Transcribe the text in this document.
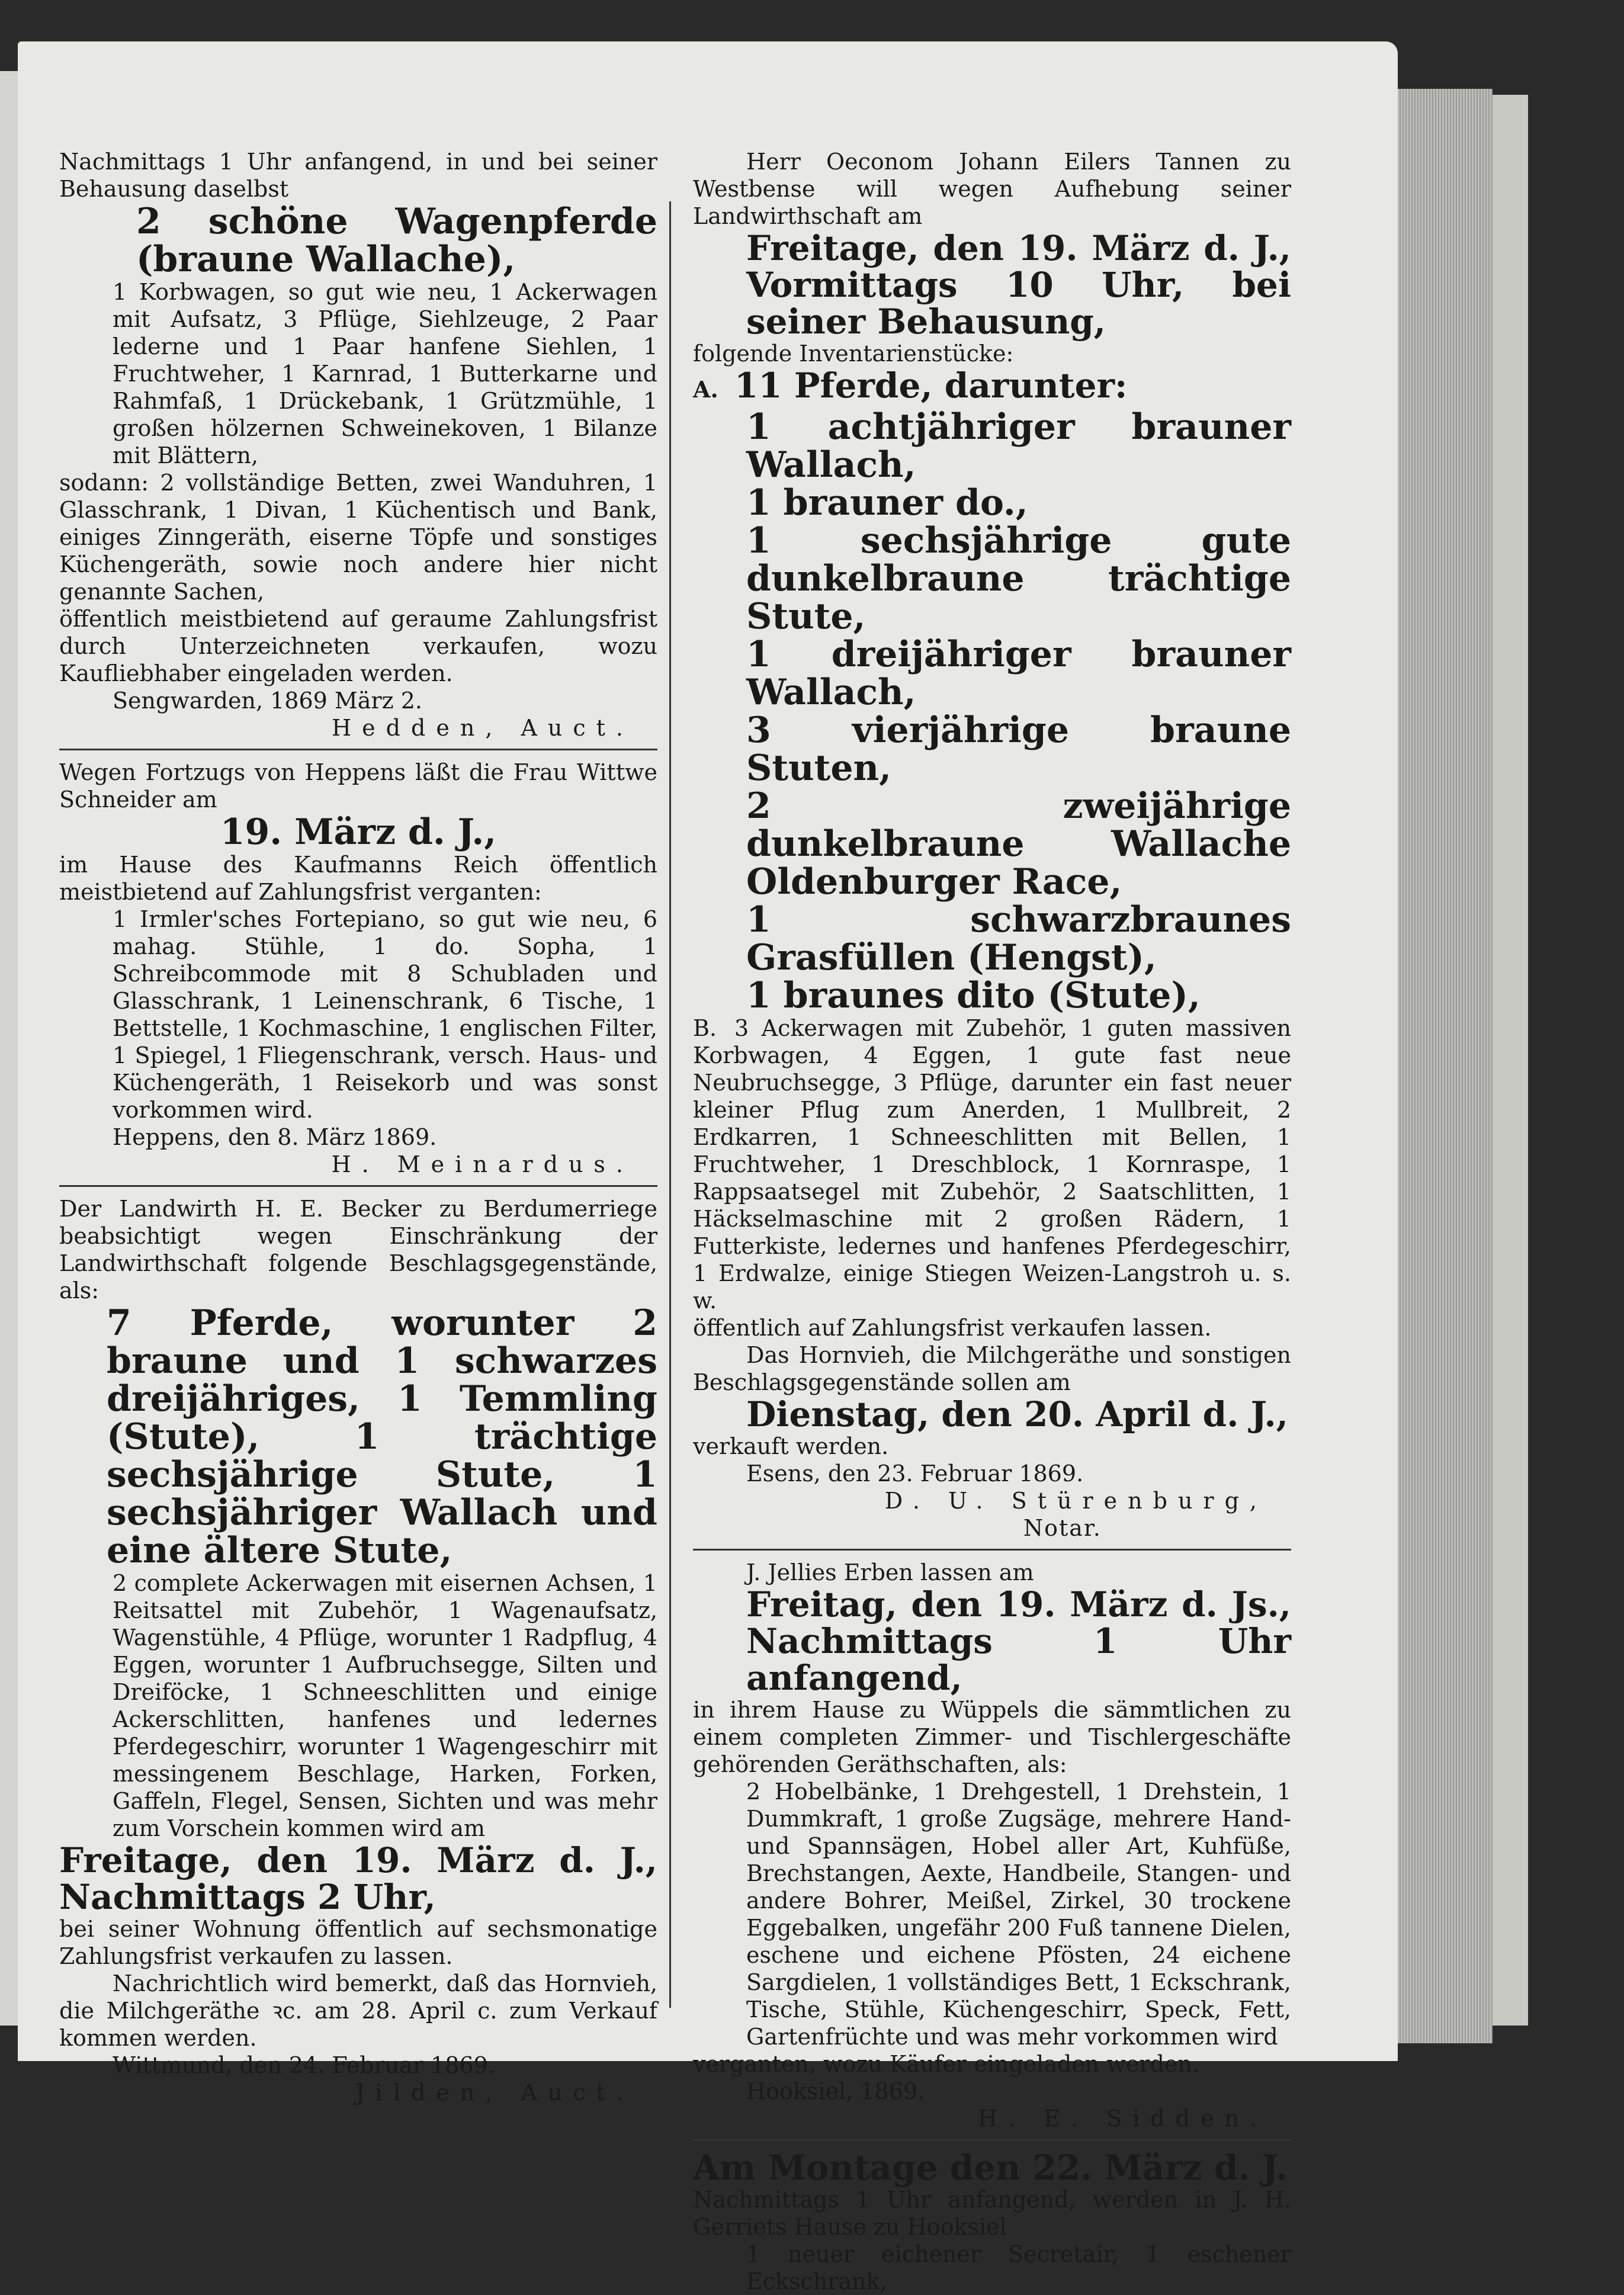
Nachmittags 1 Uhr anfangend, in und bei seiner Behausung daselbst

2 schöne Wagenpferde (braune Wallache),

1 Korbwagen, so gut wie neu, 1 Ackerwagen mit Aufsatz, 3 Pflüge, Siehlzeuge, 2 Paar lederne und 1 Paar hanfene Siehlen, 1 Fruchtweher, 1 Karnrad, 1 Butterkarne und Rahmfaß, 1 Drückebank, 1 Grützmühle, 1 großen hölzernen Schweinekoven, 1 Bilanze mit Blättern,

sodann: 2 vollständige Betten, zwei Wanduhren, 1 Glasschrank, 1 Divan, 1 Küchentisch und Bank, einiges Zinngeräth, eiserne Töpfe und sonstiges Küchengeräth, sowie noch andere hier nicht genannte Sachen,

öffentlich meistbietend auf geraume Zahlungsfrist durch Unterzeichneten verkaufen, wozu Kaufliebhaber eingeladen werden.

Sengwarden, 1869 März 2.

Hedden, Auct.

Wegen Fortzugs von Heppens läßt die Frau Wittwe Schneider am

19. März d. J.,

im Hause des Kaufmanns Reich öffentlich meistbietend auf Zahlungsfrist verganten:

1 Irmler'sches Fortepiano, so gut wie neu, 6 mahag. Stühle, 1 do. Sopha, 1 Schreibcommode mit 8 Schubladen und Glasschrank, 1 Leinenschrank, 6 Tische, 1 Bettstelle, 1 Kochmaschine, 1 englischen Filter, 1 Spiegel, 1 Fliegenschrank, versch. Haus- und Küchengeräth, 1 Reisekorb und was sonst vorkommen wird.

Heppens, den 8. März 1869.

H. Meinardus.

Der Landwirth H. E. Becker zu Berdumerriege beabsichtigt wegen Einschränkung der Landwirthschaft folgende Beschlagsgegenstände, als:

7 Pferde, worunter 2 braune und 1 schwarzes dreijähriges, 1 Temmling (Stute), 1 trächtige sechsjährige Stute, 1 sechsjähriger Wallach und eine ältere Stute,

2 complete Ackerwagen mit eisernen Achsen, 1 Reitsattel mit Zubehör, 1 Wagenaufsatz, Wagenstühle, 4 Pflüge, worunter 1 Radpflug, 4 Eggen, worunter 1 Aufbruchsegge, Silten und Dreiföcke, 1 Schneeschlitten und einige Ackerschlitten, hanfenes und ledernes Pferdegeschirr, worunter 1 Wagengeschirr mit messingenem Beschlage, Harken, Forken, Gaffeln, Flegel, Sensen, Sichten und was mehr zum Vorschein kommen wird am

Freitage, den 19. März d. J., Nachmittags 2 Uhr,

bei seiner Wohnung öffentlich auf sechsmonatige Zahlungsfrist verkaufen zu lassen.

Nachrichtlich wird bemerkt, daß das Hornvieh, die Milchgeräthe ꝛc. am 28. April c. zum Verkauf kommen werden.

Wittmund, den 24. Februar 1869.

Jilden, Auct.

Herr Oeconom Johann Eilers Tannen zu Westbense will wegen Aufhebung seiner Landwirthschaft am

Freitage, den 19. März d. J., Vormittags 10 Uhr, bei seiner Behausung,

folgende Inventarienstücke:

A. 11 Pferde, darunter:

1 achtjähriger brauner Wallach,

1 brauner do.,

1 sechsjährige gute dunkelbraune trächtige Stute,

1 dreijähriger brauner Wallach,

3 vierjährige braune Stuten,

2 zweijährige dunkelbraune Wallache Oldenburger Race,

1 schwarzbraunes Grasfüllen (Hengst),

1 braunes dito (Stute),

B. 3 Ackerwagen mit Zubehör, 1 guten massiven Korbwagen, 4 Eggen, 1 gute fast neue Neubruchsegge, 3 Pflüge, darunter ein fast neuer kleiner Pflug zum Anerden, 1 Mullbreit, 2 Erdkarren, 1 Schneeschlitten mit Bellen, 1 Fruchtweher, 1 Dreschblock, 1 Kornraspe, 1 Rappsaatsegel mit Zubehör, 2 Saatschlitten, 1 Häckselmaschine mit 2 großen Rädern, 1 Futterkiste, ledernes und hanfenes Pferdegeschirr, 1 Erdwalze, einige Stiegen Weizen-Langstroh u. s. w.

öffentlich auf Zahlungsfrist verkaufen lassen.

Das Hornvieh, die Milchgeräthe und sonstigen Beschlagsgegenstände sollen am

Dienstag, den 20. April d. J.,

verkauft werden.

Esens, den 23. Februar 1869.

D. U. Stürenburg,

Notar.

J. Jellies Erben lassen am

Freitag, den 19. März d. Js., Nachmittags 1 Uhr anfangend,

in ihrem Hause zu Wüppels die sämmtlichen zu einem completen Zimmer- und Tischlergeschäfte gehörenden Geräthschaften, als:

2 Hobelbänke, 1 Drehgestell, 1 Drehstein, 1 Dummkraft, 1 große Zugsäge, mehrere Hand- und Spannsägen, Hobel aller Art, Kuhfüße, Brechstangen, Aexte, Handbeile, Stangen- und andere Bohrer, Meißel, Zirkel, 30 trockene Eggebalken, ungefähr 200 Fuß tannene Dielen, eschene und eichene Pfösten, 24 eichene Sargdielen, 1 vollständiges Bett, 1 Eckschrank, Tische, Stühle, Küchengeschirr, Speck, Fett, Gartenfrüchte und was mehr vorkommen wird

verganten, wozu Käufer eingeladen werden.

Hooksiel, 1869.

H. E. Sidden.

Am Montage den 22. März d. J.

Nachmittags 1 Uhr anfangend, werden in J. H. Gerriets Hause zu Hooksiel

1 neuer eichener Secretair, 1 eschener Eckschrank,
